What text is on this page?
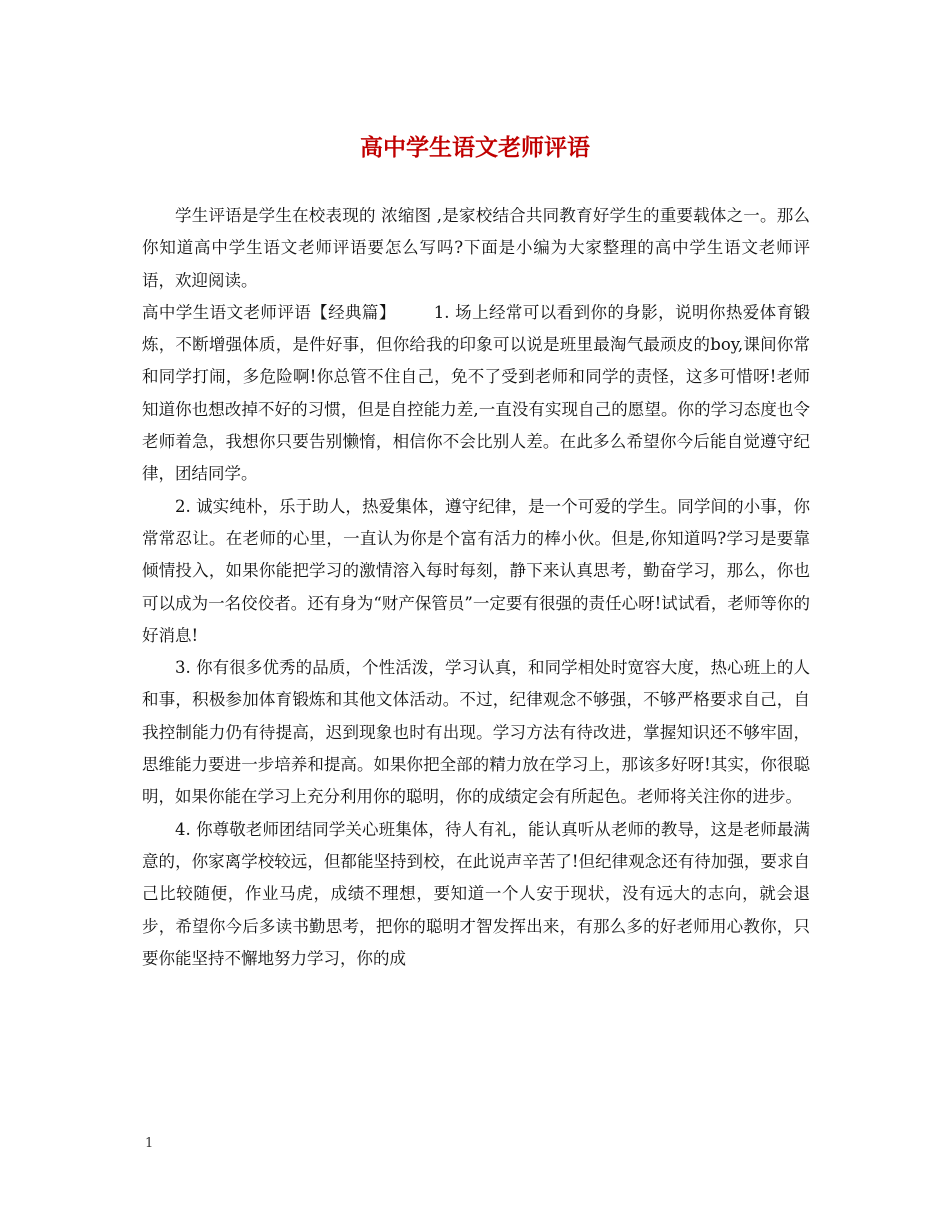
高中学生语文老师评语

学生评语是学生在校表现的 浓缩图 ,是家校结合共同教育好学生的重要载体之一。那么你知道高中学生语文老师评语要怎么写吗?下面是小编为大家整理的高中学生语文老师评语，欢迎阅读。

高中学生语文老师评语【经典篇】 1. 场上经常可以看到你的身影，说明你热爱体育锻炼，不断增强体质，是件好事，但你给我的印象可以说是班里最淘气最顽皮的boy,课间你常和同学打闹，多危险啊!你总管不住自己，免不了受到老师和同学的责怪，这多可惜呀!老师知道你也想改掉不好的习惯，但是自控能力差,一直没有实现自己的愿望。你的学习态度也令老师着急，我想你只要告别懒惰，相信你不会比别人差。在此多么希望你今后能自觉遵守纪律，团结同学。

2. 诚实纯朴，乐于助人，热爱集体，遵守纪律，是一个可爱的学生。同学间的小事，你常常忍让。在老师的心里，一直认为你是个富有活力的棒小伙。但是,你知道吗?学习是要靠倾情投入，如果你能把学习的激情溶入每时每刻，静下来认真思考，勤奋学习，那么，你也可以成为一名佼佼者。还有身为“财产保管员”一定要有很强的责任心呀!试试看，老师等你的好消息!

3. 你有很多优秀的品质，个性活泼，学习认真，和同学相处时宽容大度，热心班上的人和事，积极参加体育锻炼和其他文体活动。不过，纪律观念不够强，不够严格要求自己，自我控制能力仍有待提高，迟到现象也时有出现。学习方法有待改进，掌握知识还不够牢固，思维能力要进一步培养和提高。如果你把全部的精力放在学习上，那该多好呀!其实，你很聪明，如果你能在学习上充分利用你的聪明，你的成绩定会有所起色。老师将关注你的进步。

4. 你尊敬老师团结同学关心班集体，待人有礼，能认真听从老师的教导，这是老师最满意的，你家离学校较远，但都能坚持到校，在此说声辛苦了!但纪律观念还有待加强，要求自己比较随便，作业马虎，成绩不理想，要知道一个人安于现状，没有远大的志向，就会退步，希望你今后多读书勤思考，把你的聪明才智发挥出来，有那么多的好老师用心教你，只要你能坚持不懈地努力学习，你的成

1
